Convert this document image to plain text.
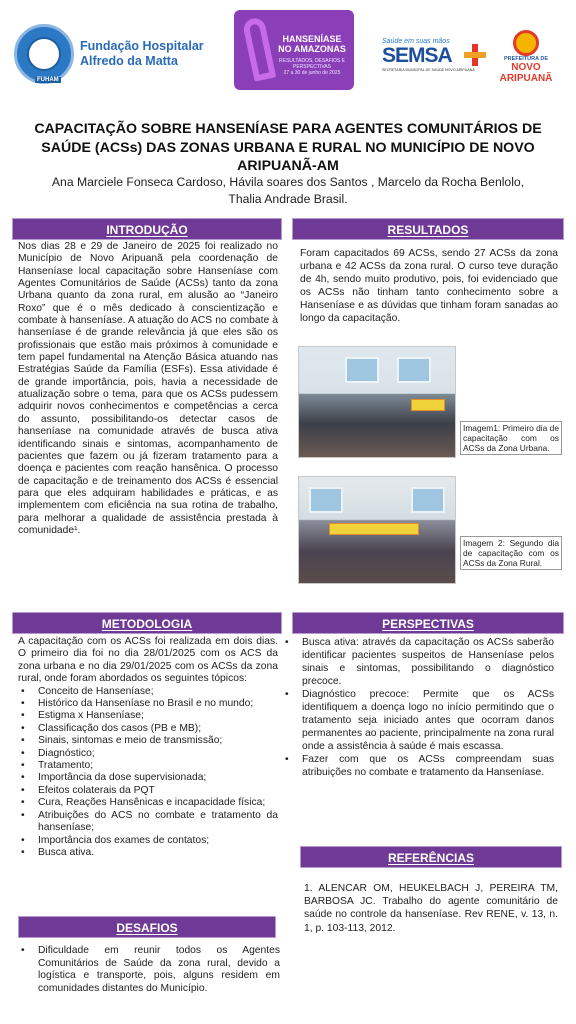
FUHAM
Fundação Hospitalar
Alfredo da Matta
HANSENÍASE
NO AMAZONAS
RESULTADOS, DESAFIOS E PERSPECTIVAS
27 a 30 de junho de 2025
Saúde em suas mãos
SEMSA
SECRETARIA MUNICIPAL DE SAÚDE NOVO ARIPUANÃ
PREFEITURA DE
NOVO ARIPUANÃ
CAPACITAÇÃO SOBRE HANSENÍASE PARA AGENTES COMUNITÁRIOS DE SAÚDE (ACSs) DAS ZONAS URBANA E RURAL NO MUNICÍPIO DE NOVO ARIPUANÃ-AM
Ana Marciele Fonseca Cardoso, Hávila soares dos Santos , Marcelo da Rocha Benlolo, Thalia Andrade Brasil.
INTRODUÇÃO
Nos dias 28 e 29 de Janeiro de 2025 foi realizado no Município de Novo Aripuanã pela coordenação de Hanseníase local capacitação sobre Hanseníase com Agentes Comunitários de Saúde (ACSs) tanto da zona Urbana quanto da zona rural, em alusão ao “Janeiro Roxo” que é o mês dedicado à conscientização e combate à hanseníase. A atuação do ACS no combate à hanseníase é de grande relevância já que eles são os profissionais que estão mais próximos à comunidade e tem papel fundamental na Atenção Básica atuando nas Estratégias Saúde da Família (ESFs). Essa atividade é de grande importância, pois, havia a necessidade de atualização sobre o tema, para que os ACSs pudessem adquirir novos conhecimentos e competências a cerca do assunto, possibilitando-os detectar casos de hanseníase na comunidade através de busca ativa identificando sinais e sintomas, acompanhamento de pacientes que fazem ou já fizeram tratamento para a doença e pacientes com reação hansênica. O processo de capacitação e de treinamento dos ACSs é essencial para que eles adquiram habilidades e práticas, e as implementem com eficiência na sua rotina de trabalho, para melhorar a qualidade de assistência prestada à comunidade¹.
METODOLOGIA

A capacitação com os ACSs foi realizada em dois dias. O primeiro dia foi no dia 28/01/2025 com os ACS da zona urbana e no dia 29/01/2025 com os ACSs da zona rural, onde foram abordados os seguintes tópicos:

• Conceito de Hanseníase;
• Histórico da Hanseníase no Brasil e no mundo;
• Estigma x Hanseníase;
• Classificação dos casos (PB e MB);
• Sinais, sintomas e meio de transmissão;
• Diagnóstico;
• Tratamento;
• Importância da dose supervisionada;
• Efeitos colaterais da PQT
• Cura, Reações Hansênicas e incapacidade física;
• Atribuições do ACS no combate e tratamento da hanseníase;
• Importância dos exames de contatos;
• Busca ativa.
DESAFIOS
• Dificuldade em reunir todos os Agentes Comunitários de Saúde da zona rural, devido a logística e transporte, pois, alguns residem em comunidades distantes do Município.
RESULTADOS
Foram capacitados 69 ACSs, sendo 27 ACSs da zona urbana e 42 ACSs da zona rural. O curso teve duração de 4h, sendo muito produtivo, pois, foi evidenciado que os ACSs não tinham tanto conhecimento sobre a Hanseníase e as dúvidas que tinham foram sanadas ao longo da capacitação.
Imagem1: Primeiro dia de capacitação com os ACSs da Zona Urbana.
Imagem 2: Segundo dia de capacitação com os ACSs da Zona Rural.
PERSPECTIVAS
• Busca ativa: através da capacitação os ACSs saberão identificar pacientes suspeitos de Hanseníase pelos sinais e sintomas, possibilitando o diagnóstico precoce.
• Diagnóstico precoce: Permite que os ACSs identifiquem a doença logo no início permitindo que o tratamento seja iniciado antes que ocorram danos permanentes ao paciente, principalmente na zona rural onde a assistência à saúde é mais escassa.
• Fazer com que os ACSs compreendam suas atribuições no combate e tratamento da Hanseníase.
REFERÊNCIAS
1. ALENCAR OM, HEUKELBACH J, PEREIRA TM, BARBOSA JC. Trabalho do agente comunitário de saúde no controle da hanseníase. Rev RENE, v. 13, n. 1, p. 103-113, 2012.
